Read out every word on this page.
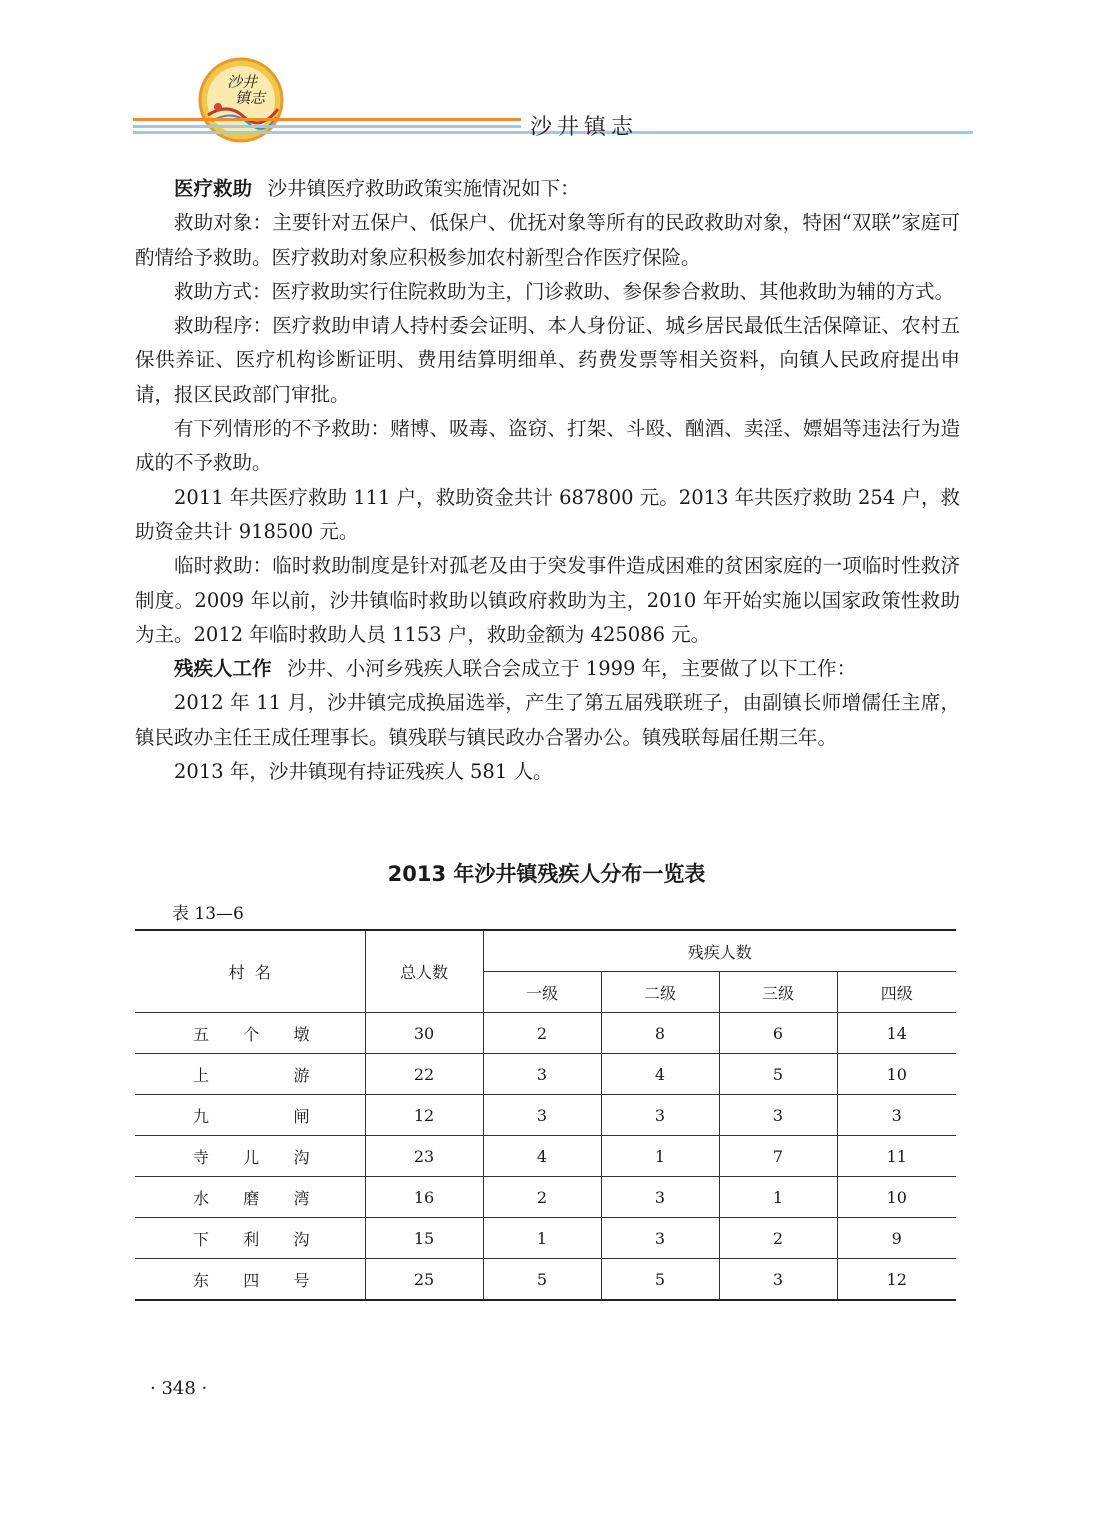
沙井
镇志
沙井镇志

医疗救助 沙井镇医疗救助政策实施情况如下：

救助对象：主要针对五保户、低保户、优抚对象等所有的民政救助对象，特困“双联”家庭可酌情给予救助。医疗救助对象应积极参加农村新型合作医疗保险。

救助方式：医疗救助实行住院救助为主，门诊救助、参保参合救助、其他救助为辅的方式。

救助程序：医疗救助申请人持村委会证明、本人身份证、城乡居民最低生活保障证、农村五保供养证、医疗机构诊断证明、费用结算明细单、药费发票等相关资料，向镇人民政府提出申请，报区民政部门审批。

有下列情形的不予救助：赌博、吸毒、盗窃、打架、斗殴、酗酒、卖淫、嫖娼等违法行为造成的不予救助。

2011 年共医疗救助 111 户，救助资金共计 687800 元。2013 年共医疗救助 254 户，救助资金共计 918500 元。

临时救助：临时救助制度是针对孤老及由于突发事件造成困难的贫困家庭的一项临时性救济制度。2009 年以前，沙井镇临时救助以镇政府救助为主，2010 年开始实施以国家政策性救助为主。2012 年临时救助人员 1153 户，救助金额为 425086 元。

残疾人工作 沙井、小河乡残疾人联合会成立于 1999 年，主要做了以下工作：

2012 年 11 月，沙井镇完成换届选举，产生了第五届残联班子，由副镇长师增儒任主席，镇民政办主任王成任理事长。镇残联与镇民政办合署办公。镇残联每届任期三年。

2013 年，沙井镇现有持证残疾人 581 人。

2013 年沙井镇残疾人分布一览表
表 13—6
村  名	总人数	残疾人数			
		一级	二级	三级	四级
五个墩	30	2	8	6	14
上游	22	3	4	5	10
九闸	12	3	3	3	3
寺儿沟	23	4	1	7	11
水磨湾	16	2	3	1	10
下利沟	15	1	3	2	9
东四号	25	5	5	3	12
· 348 ·
